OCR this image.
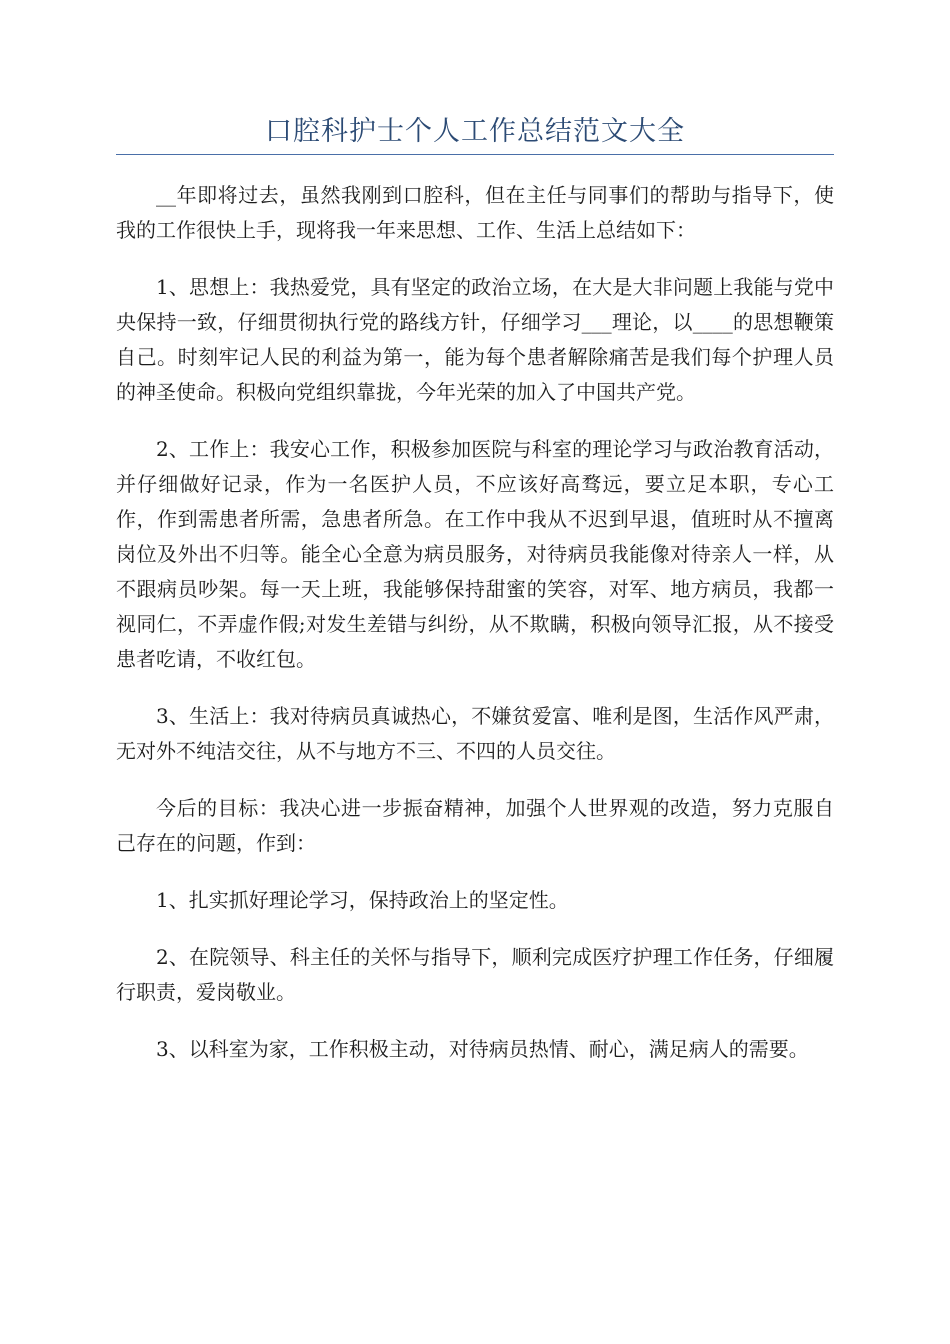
口腔科护士个人工作总结范文大全

__年即将过去，虽然我刚到口腔科，但在主任与同事们的帮助与指导下，使我的工作很快上手，现将我一年来思想、工作、生活上总结如下：

1、思想上：我热爱党，具有坚定的政治立场，在大是大非问题上我能与党中央保持一致，仔细贯彻执行党的路线方针，仔细学习___理论，以____的思想鞭策自己。时刻牢记人民的利益为第一，能为每个患者解除痛苦是我们每个护理人员的神圣使命。积极向党组织靠拢，今年光荣的加入了中国共产党。

2、工作上：我安心工作，积极参加医院与科室的理论学习与政治教育活动，并仔细做好记录，作为一名医护人员，不应该好高骛远，要立足本职，专心工作，作到需患者所需，急患者所急。在工作中我从不迟到早退，值班时从不擅离岗位及外出不归等。能全心全意为病员服务，对待病员我能像对待亲人一样，从不跟病员吵架。每一天上班，我能够保持甜蜜的笑容，对军、地方病员，我都一视同仁，不弄虚作假;对发生差错与纠纷，从不欺瞒，积极向领导汇报，从不接受患者吃请，不收红包。

3、生活上：我对待病员真诚热心，不嫌贫爱富、唯利是图，生活作风严肃，无对外不纯洁交往，从不与地方不三、不四的人员交往。

今后的目标：我决心进一步振奋精神，加强个人世界观的改造，努力克服自己存在的问题，作到：

1、扎实抓好理论学习，保持政治上的坚定性。

2、在院领导、科主任的关怀与指导下，顺利完成医疗护理工作任务，仔细履行职责，爱岗敬业。

3、以科室为家，工作积极主动，对待病员热情、耐心，满足病人的需要。
